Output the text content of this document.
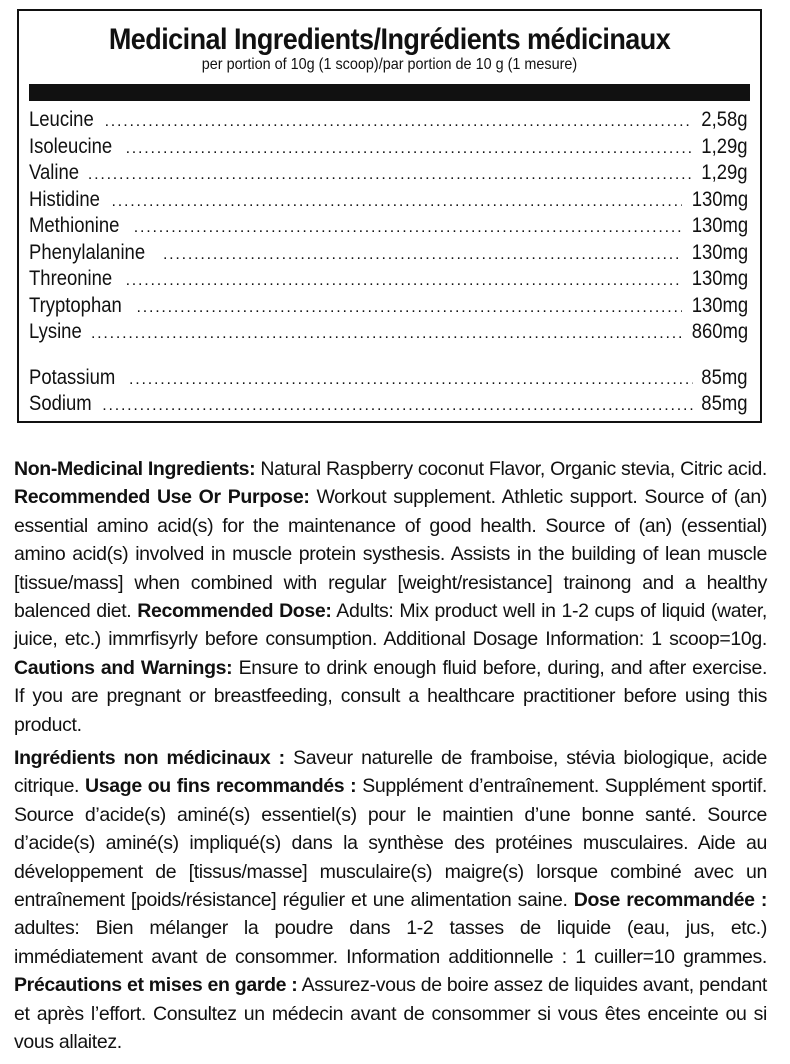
Medicinal Ingredients/Ingrédients médicinaux

per portion of 10g (1 scoop)/par portion de 10 g (1 mesure)

Leucine .....	2,58g
Isoleucine .....	1,29g
Valine .....	1,29g
Histidine .....	130mg
Methionine .....	130mg
Phenylalanine .....	130mg
Threonine .....	130mg
Tryptophan .....	130mg
Lysine .....	860mg
Potassium .....	85mg
Sodium .....	85mg

Non-Medicinal Ingredients: Natural Raspberry coconut Flavor, Organic stevia, Citric acid. Recommended Use Or Purpose: Workout supplement. Athletic support. Source of (an) essential amino acid(s) for the maintenance of good health. Source of (an) (essential) amino acid(s) involved in muscle protein systhesis. Assists in the building of lean muscle [tissue/mass] when combined with regular [weight/resistance] trainong and a healthy balenced diet. Recommended Dose: Adults: Mix product well in 1-2 cups of liquid (water, juice, etc.) immrfisyrly before consumption. Additional Dosage Information: 1 scoop=10g. Cautions and Warnings: Ensure to drink enough fluid before, during, and after exercise. If you are pregnant or breastfeeding, consult a healthcare practitioner before using this product.

Ingrédients non médicinaux : Saveur naturelle de framboise, stévia biologique, acide citrique. Usage ou fins recommandés : Supplément d’entraînement. Supplément sportif. Source d’acide(s) aminé(s) essentiel(s) pour le maintien d’une bonne santé. Source d’acide(s) aminé(s) impliqué(s) dans la synthèse des protéines musculaires. Aide au développement de [tissus/masse] musculaire(s) maigre(s) lorsque combiné avec un entraînement [poids/résistance] régulier et une alimentation saine. Dose recommandée : adultes: Bien mélanger la poudre dans 1-2 tasses de liquide (eau, jus, etc.) immédiatement avant de consommer. Information additionnelle : 1 cuiller=10 grammes. Précautions et mises en garde : Assurez-vous de boire assez de liquides avant, pendant et après l’effort. Consultez un médecin avant de consommer si vous êtes enceinte ou si vous allaitez.
